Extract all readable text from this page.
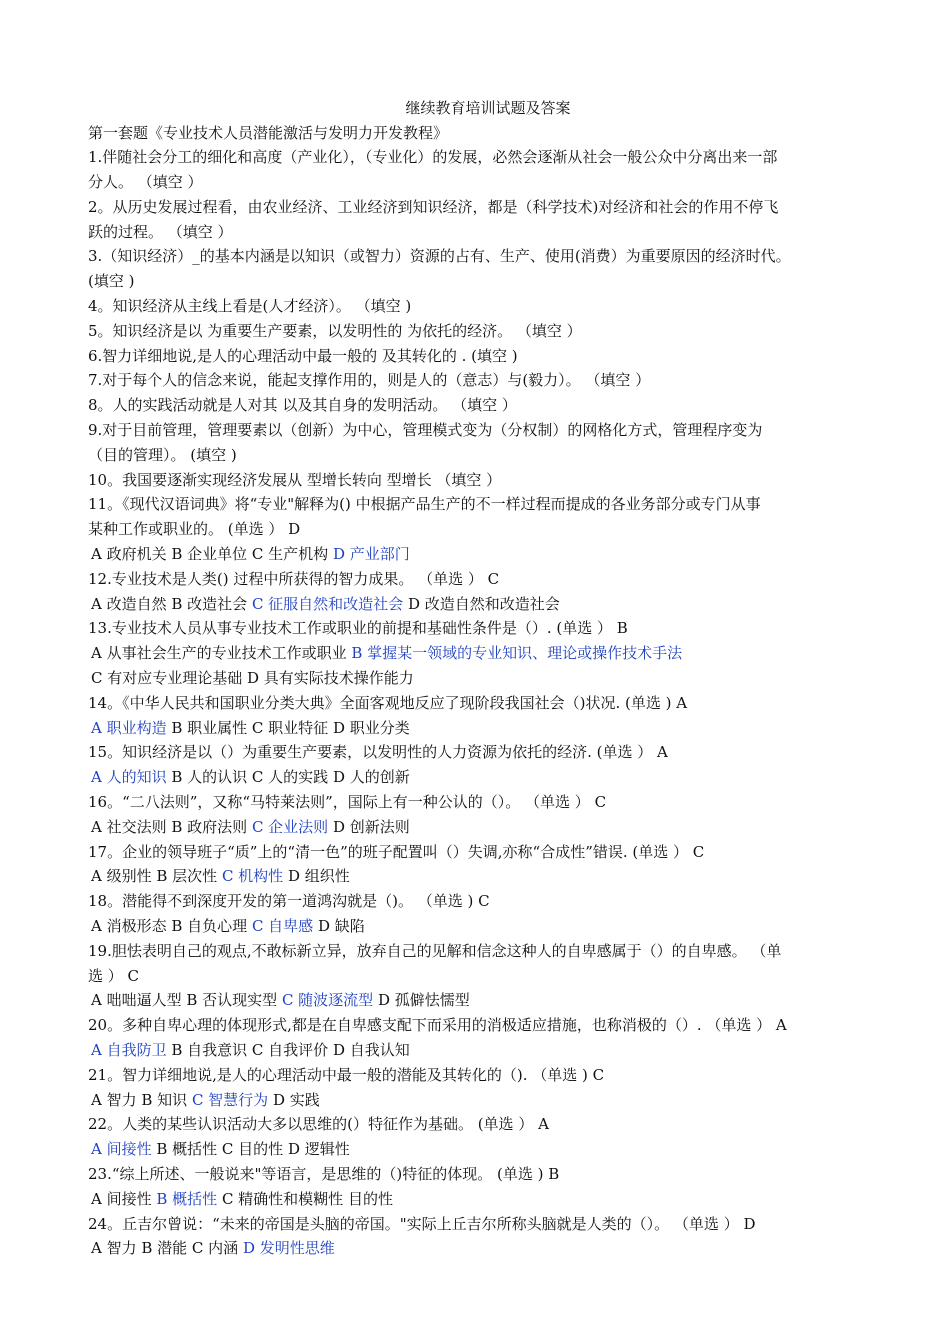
继续教育培训试题及答案
第一套题《专业技术人员潜能激活与发明力开发教程》
1.伴随社会分工的细化和高度（产业化），（专业化）的发展，必然会逐渐从社会一般公众中分离出来一部
分人。 （填空 ）
2。从历史发展过程看，由农业经济、工业经济到知识经济，都是（科学技术)对经济和社会的作用不停飞
跃的过程。 （填空 ）
3.（知识经济）_的基本内涵是以知识（或智力）资源的占有、生产、使用(消费）为重要原因的经济时代。
(填空 )
4。知识经济从主线上看是(人才经济）。 （填空 )
5。知识经济是以 为重要生产要素，以发明性的 为依托的经济。 （填空 ）
6.智力详细地说,是人的心理活动中最一般的 及其转化的 . (填空 )
7.对于每个人的信念来说，能起支撑作用的，则是人的（意志）与(毅力）。 （填空 ）
8。人的实践活动就是人对其 以及其自身的发明活动。 （填空 ）
9.对于目前管理，管理要素以（创新）为中心，管理模式变为（分权制）的网格化方式，管理程序变为
（目的管理）。 (填空 )
10。我国要逐渐实现经济发展从 型增长转向 型增长 （填空 ）
11。《现代汉语词典》将“专业"解释为() 中根据产品生产的不一样过程而提成的各业务部分或专门从事
某种工作或职业的。 (单选 ） D
A 政府机关 B 企业单位 C 生产机构 D 产业部门
12.专业技术是人类() 过程中所获得的智力成果。 （单选 ） C
A 改造自然 B 改造社会 C 征服自然和改造社会 D 改造自然和改造社会
13.专业技术人员从事专业技术工作或职业的前提和基础性条件是（）. (单选 ） B
A 从事社会生产的专业技术工作或职业 B 掌握某一领域的专业知识、理论或操作技术手法
C 有对应专业理论基础 D 具有实际技术操作能力
14。《中华人民共和国职业分类大典》全面客观地反应了现阶段我国社会（)状况. (单选 ) A
A 职业构造 B 职业属性 C 职业特征 D 职业分类
15。知识经济是以（）为重要生产要素，以发明性的人力资源为依托的经济. (单选 ） A
A 人的知识 B 人的认识 C 人的实践 D 人的创新
16。“二八法则”，又称“马特莱法则”，国际上有一种公认的（）。 （单选 ） C
A 社交法则 B 政府法则 C 企业法则 D 创新法则
17。企业的领导班子“质”上的“清一色”的班子配置叫（）失调,亦称“合成性”错误. (单选 ） C
A 级别性 B 层次性 C 机构性 D 组织性
18。潜能得不到深度开发的第一道鸿沟就是（)。 （单选 ) C
A 消极形态 B 自负心理 C 自卑感 D 缺陷
19.胆怯表明自己的观点,不敢标新立异，放弃自己的见解和信念这种人的自卑感属于（）的自卑感。 （单
选 ） C
A 咄咄逼人型 B 否认现实型 C 随波逐流型 D 孤僻怯懦型
20。多种自卑心理的体现形式,都是在自卑感支配下而采用的消极适应措施，也称消极的（）. （单选 ） A
A 自我防卫 B 自我意识 C 自我评价 D 自我认知
21。智力详细地说,是人的心理活动中最一般的潜能及其转化的（). （单选 ) C
A 智力 B 知识 C 智慧行为 D 实践
22。人类的某些认识活动大多以思维的(）特征作为基础。 (单选 ） A
A 间接性 B 概括性 C 目的性 D 逻辑性
23.“综上所述、一般说来"等语言，是思维的（)特征的体现。 (单选 ) B
A 间接性 B 概括性 C 精确性和模糊性 目的性
24。丘吉尔曾说：“未来的帝国是头脑的帝国。"实际上丘吉尔所称头脑就是人类的（）。 （单选 ） D
A 智力 B 潜能 C 内涵 D 发明性思维
